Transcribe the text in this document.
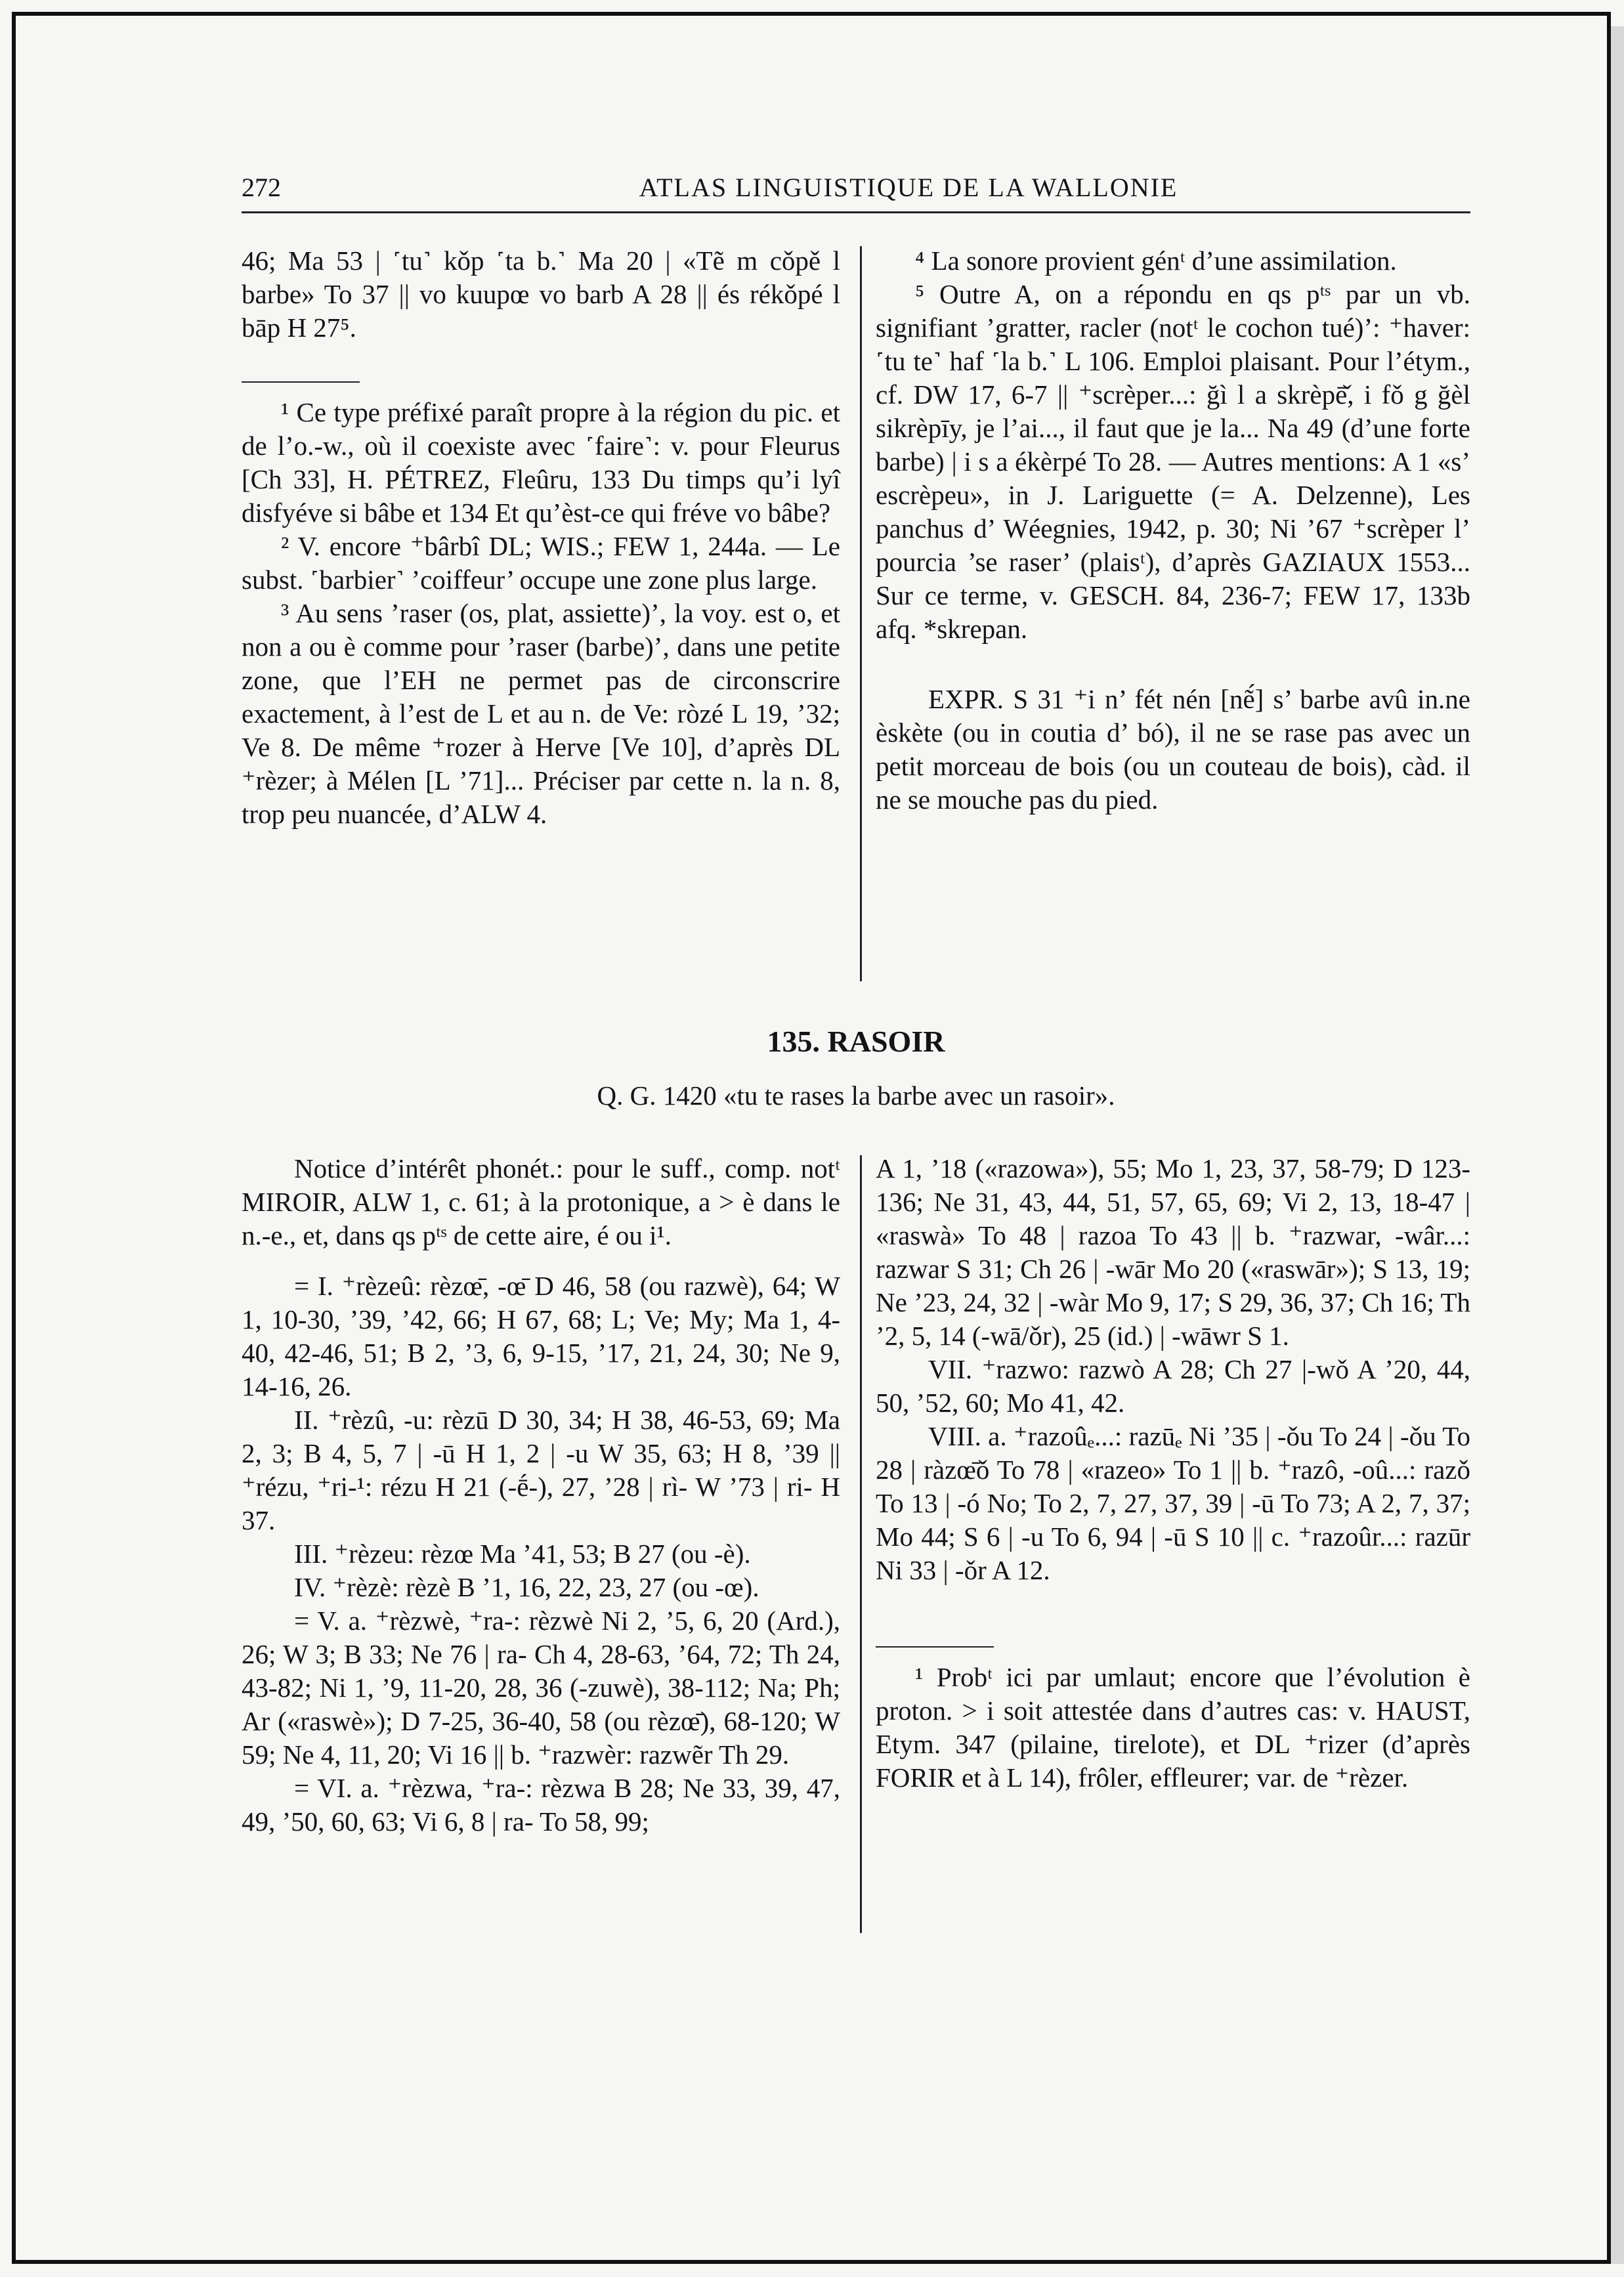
272	ATLAS LINGUISTIQUE DE LA WALLONIE

46; Ma 53 | ˹tu˺ kǒp ˹ta b.˺ Ma 20 | «Tẽ m cǒpě l barbe» To 37 || vo kuupœ vo barb A 28 || és rékǒpé l bāp H 27⁵.

¹ Ce type préfixé paraît propre à la région du pic. et de l’o.-w., où il coexiste avec ˹faire˺: v. pour Fleurus [Ch 33], H. PÉTREZ, Fleûru, 133 Du timps qu’i lyî disfyéve si bâbe et 134 Et qu’èst-ce qui fréve vo bâbe?

² V. encore ⁺bârbî DL; WIS.; FEW 1, 244a. — Le subst. ˹barbier˺ ’coiffeur’ occupe une zone plus large.

³ Au sens ’raser (os, plat, assiette)’, la voy. est o, et non a ou è comme pour ’raser (barbe)’, dans une petite zone, que l’EH ne permet pas de circonscrire exactement, à l’est de L et au n. de Ve: ròzé L 19, ’32; Ve 8. De même ⁺rozer à Herve [Ve 10], d’après DL ⁺rèzer; à Mélen [L ’71]... Préciser par cette n. la n. 8, trop peu nuancée, d’ALW 4.

⁴ La sonore provient génᵗ d’une assimilation.

⁵ Outre A, on a répondu en qs pᵗˢ par un vb. signifiant ’gratter, racler (notᵗ le cochon tué)’: ⁺haver: ˹tu te˺ haf ˹la b.˺ L 106. Emploi plaisant. Pour l’étym., cf. DW 17, 6-7 || ⁺scrèper...: ğì l a skrèpē̌, i fǒ g ğèl sikrèpīy, je l’ai..., il faut que je la... Na 49 (d’une forte barbe) | i s a ékèrpé To 28. — Autres mentions: A 1 «s’ escrèpeu», in J. Lariguette (= A. Delzenne), Les panchus d’ Wéegnies, 1942, p. 30; Ni ’67 ⁺scrèper l’ pourcia ’se raser’ (plaisᵗ), d’après GAZIAUX 1553... Sur ce terme, v. GESCH. 84, 236-7; FEW 17, 133b afq. *skrepan.

EXPR. S 31 ⁺i n’ fét nén [nẽ́] s’ barbe avû in.ne èskète (ou in coutia d’ bó), il ne se rase pas avec un petit morceau de bois (ou un couteau de bois), càd. il ne se mouche pas du pied.

135. RASOIR
Q. G. 1420 «tu te rases la barbe avec un rasoir».

Notice d’intérêt phonét.: pour le suff., comp. notᵗ MIROIR, ALW 1, c. 61; à la protonique, a > è dans le n.-e., et, dans qs pᵗˢ de cette aire, é ou i¹.

= I. ⁺rèzeû: rèzœ̄, -œ̄ D 46, 58 (ou razwè), 64; W 1, 10-30, ’39, ’42, 66; H 67, 68; L; Ve; My; Ma 1, 4-40, 42-46, 51; B 2, ’3, 6, 9-15, ’17, 21, 24, 30; Ne 9, 14-16, 26.

II. ⁺rèzû, -u: rèzū D 30, 34; H 38, 46-53, 69; Ma 2, 3; B 4, 5, 7 | -ū H 1, 2 | -u W 35, 63; H 8, ’39 || ⁺rézu, ⁺ri-¹: rézu H 21 (-ḗ-), 27, ’28 | rì- W ’73 | ri- H 37.

III. ⁺rèzeu: rèzœ Ma ’41, 53; B 27 (ou -è).

IV. ⁺rèzè: rèzè B ’1, 16, 22, 23, 27 (ou -œ).

= V. a. ⁺rèzwè, ⁺ra-: rèzwè Ni 2, ’5, 6, 20 (Ard.), 26; W 3; B 33; Ne 76 | ra- Ch 4, 28-63, ’64, 72; Th 24, 43-82; Ni 1, ’9, 11-20, 28, 36 (-zuwè), 38-112; Na; Ph; Ar («raswè»); D 7-25, 36-40, 58 (ou rèzœ̄), 68-120; W 59; Ne 4, 11, 20; Vi 16 || b. ⁺razwèr: razwẽr Th 29.

= VI. a. ⁺rèzwa, ⁺ra-: rèzwa B 28; Ne 33, 39, 47, 49, ’50, 60, 63; Vi 6, 8 | ra- To 58, 99;

A 1, ’18 («razowa»), 55; Mo 1, 23, 37, 58-79; D 123-136; Ne 31, 43, 44, 51, 57, 65, 69; Vi 2, 13, 18-47 | «raswà» To 48 | razoa To 43 || b. ⁺razwar, -wâr...: razwar S 31; Ch 26 | -wār Mo 20 («raswār»); S 13, 19; Ne ’23, 24, 32 | -wàr Mo 9, 17; S 29, 36, 37; Ch 16; Th ’2, 5, 14 (-wā/ǒr), 25 (id.) | -wāwr S 1.

VII. ⁺razwo: razwò A 28; Ch 27 |-wǒ A ’20, 44, 50, ’52, 60; Mo 41, 42.

VIII. a. ⁺razoûₑ...: razūₑ Ni ’35 | -ǒu To 24 | -ǒu To 28 | ràzœ̄ǒ To 78 | «razeo» To 1 || b. ⁺razô, -oû...: razǒ To 13 | -ó No; To 2, 7, 27, 37, 39 | -ū To 73; A 2, 7, 37; Mo 44; S 6 | -u To 6, 94 | -ū S 10 || c. ⁺razoûr...: razūr Ni 33 | -ǒr A 12.

¹ Probᵗ ici par umlaut; encore que l’évolution è proton. > i soit attestée dans d’autres cas: v. HAUST, Etym. 347 (pilaine, tirelote), et DL ⁺rizer (d’après FORIR et à L 14), frôler, effleurer; var. de ⁺rèzer.
